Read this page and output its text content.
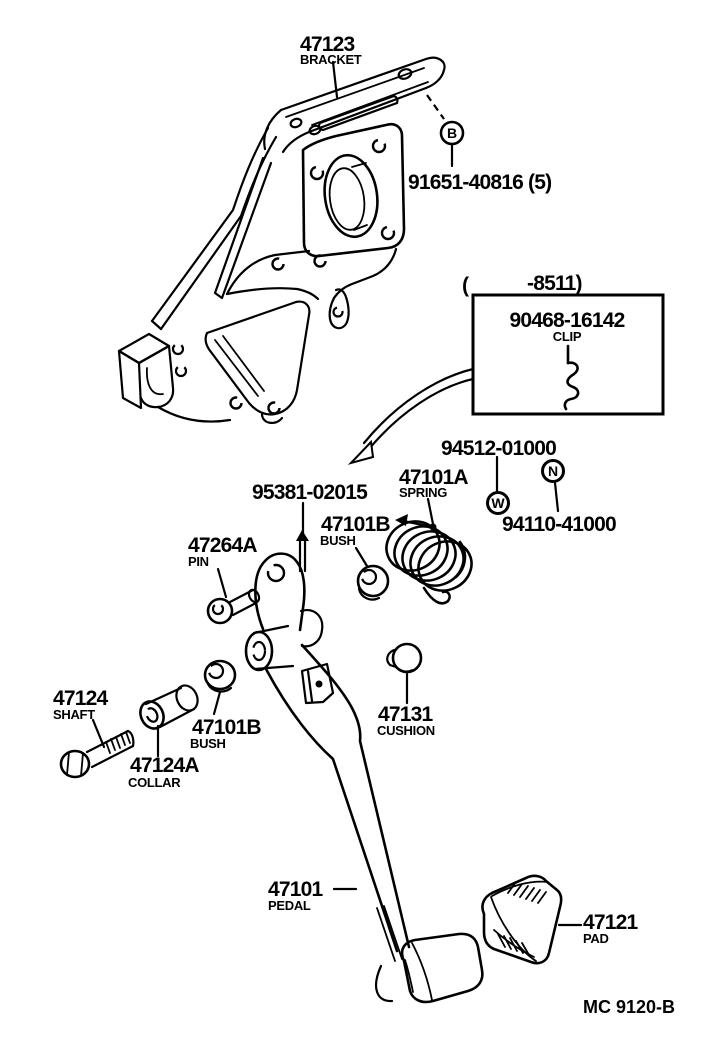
B
W
N
47123
BRACKET
91651-40816 (5)
(	-8511)
90468-16142
CLIP
94512-01000
94110-41000
47101A
SPRING
95381-02015
47101B
BUSH
47264A
PIN
47124
SHAFT
47124A
COLLAR
47101B
BUSH
47131
CUSHION
47101
PEDAL
47121
PAD
MC 9120-B
